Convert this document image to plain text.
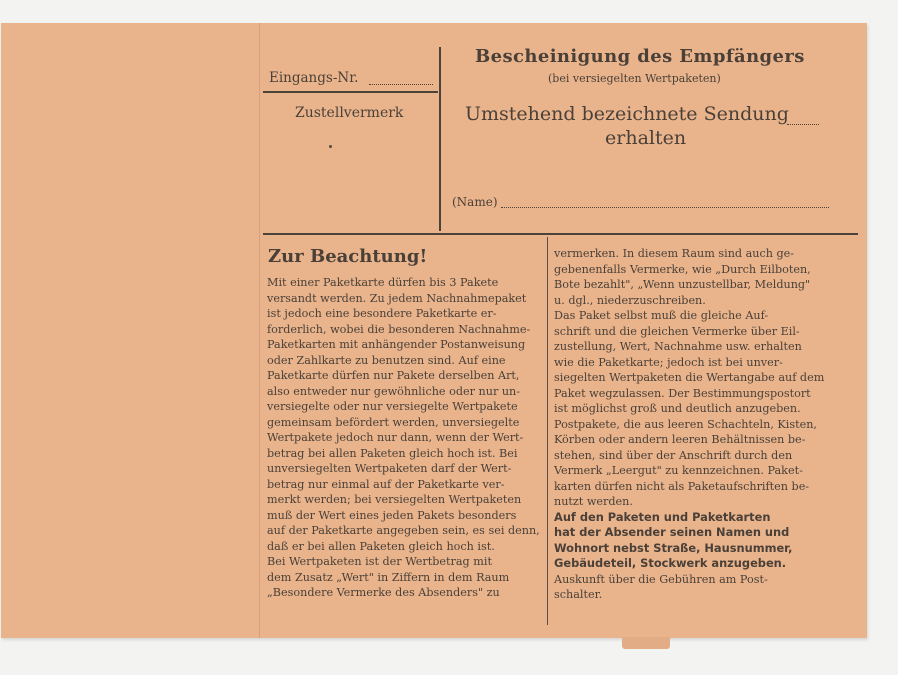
Eingangs-Nr.
Zustellvermerk
Bescheinigung des Empfängers
(bei versiegelten Wertpaketen)
Umstehend bezeichnete Sendung
erhalten
(Name)
Zur Beachtung!

Mit einer Paketkarte dürfen bis 3 Pakete

versandt werden. Zu jedem Nachnahmepaket

ist jedoch eine besondere Paketkarte er-

forderlich, wobei die besonderen Nachnahme-

Paketkarten mit anhängender Postanweisung

oder Zahlkarte zu benutzen sind. Auf eine

Paketkarte dürfen nur Pakete derselben Art,

also entweder nur gewöhnliche oder nur un-

versiegelte oder nur versiegelte Wertpakete

gemeinsam befördert werden, unversiegelte

Wertpakete jedoch nur dann, wenn der Wert-

betrag bei allen Paketen gleich hoch ist. Bei

unversiegelten Wertpaketen darf der Wert-

betrag nur einmal auf der Paketkarte ver-

merkt werden; bei versiegelten Wertpaketen

muß der Wert eines jeden Pakets besonders

auf der Paketkarte angegeben sein, es sei denn,

daß er bei allen Paketen gleich hoch ist.

Bei Wertpaketen ist der Wertbetrag mit

dem Zusatz „Wert" in Ziffern in dem Raum

„Besondere Vermerke des Absenders" zu

vermerken. In diesem Raum sind auch ge-

gebenenfalls Vermerke, wie „Durch Eilboten,

Bote bezahlt", „Wenn unzustellbar, Meldung"

u. dgl., niederzuschreiben.

Das Paket selbst muß die gleiche Auf-

schrift und die gleichen Vermerke über Eil-

zustellung, Wert, Nachnahme usw. erhalten

wie die Paketkarte; jedoch ist bei unver-

siegelten Wertpaketen die Wertangabe auf dem

Paket wegzulassen. Der Bestimmungspostort

ist möglichst groß und deutlich anzugeben.

Postpakete, die aus leeren Schachteln, Kisten,

Körben oder andern leeren Behältnissen be-

stehen, sind über der Anschrift durch den

Vermerk „Leergut" zu kennzeichnen. Paket-

karten dürfen nicht als Paketaufschriften be-

nutzt werden.

Auf den Paketen und Paketkarten

hat der Absender seinen Namen und

Wohnort nebst Straße, Hausnummer,

Gebäudeteil, Stockwerk anzugeben.

Auskunft über die Gebühren am Post-

schalter.
